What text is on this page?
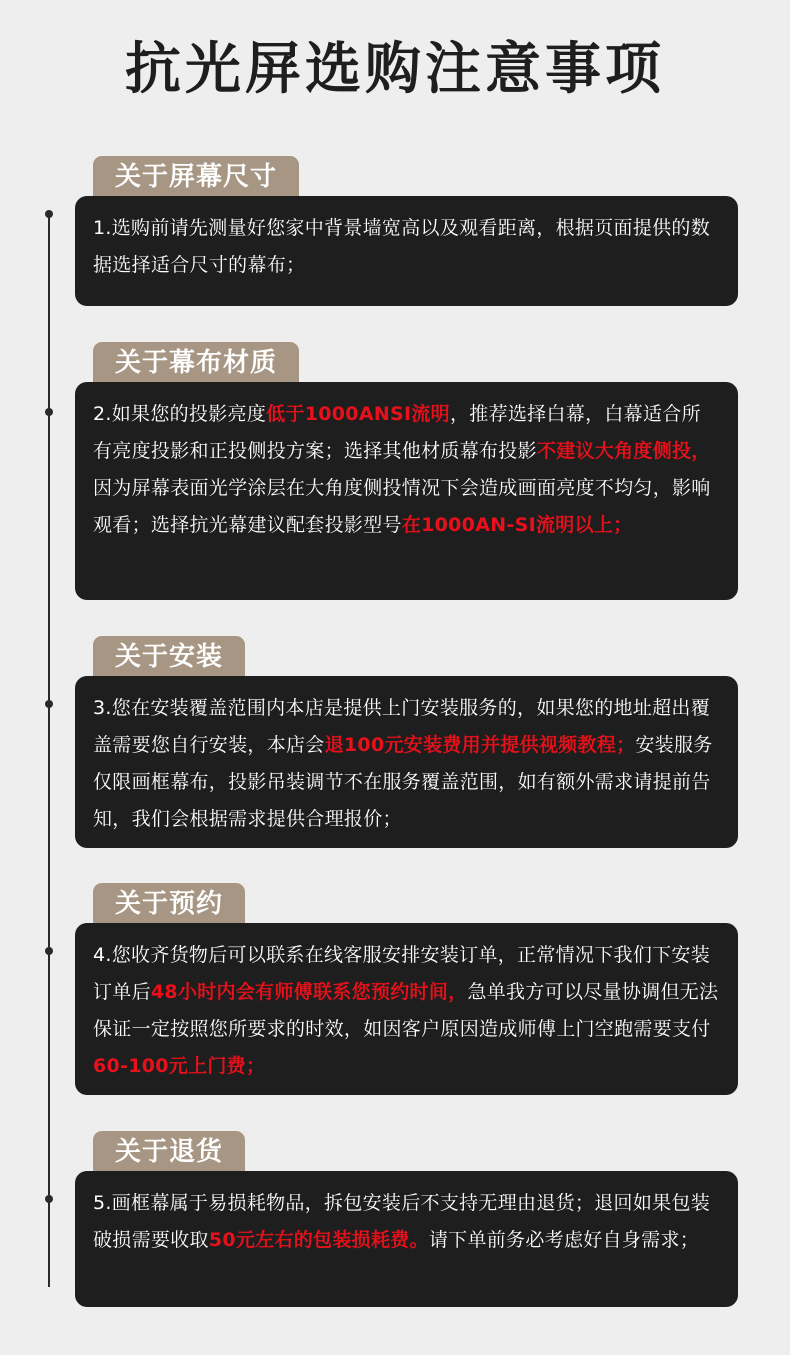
抗光屏选购注意事项
关于屏幕尺寸

1.选购前请先测量好您家中背景墙宽高以及观看距离，根据页面提供的数据选择适合尺寸的幕布；

关于幕布材质

2.如果您的投影亮度低于1000ANSI流明，推荐选择白幕，白幕适合所有亮度投影和正投侧投方案；选择其他材质幕布投影不建议大角度侧投，因为屏幕表面光学涂层在大角度侧投情况下会造成画面亮度不均匀，影响观看；选择抗光幕建议配套投影型号在1000AN-SI流明以上；

关于安装

3.您在安装覆盖范围内本店是提供上门安装服务的，如果您的地址超出覆盖需要您自行安装，本店会退100元安装费用并提供视频教程；安装服务仅限画框幕布，投影吊装调节不在服务覆盖范围，如有额外需求请提前告知，我们会根据需求提供合理报价；

关于预约

4.您收齐货物后可以联系在线客服安排安装订单，正常情况下我们下安装订单后48小时内会有师傅联系您预约时间，急单我方可以尽量协调但无法保证一定按照您所要求的时效，如因客户原因造成师傅上门空跑需要支付60-100元上门费；

关于退货

5.画框幕属于易损耗物品，拆包安装后不支持无理由退货；退回如果包装破损需要收取50元左右的包装损耗费。请下单前务必考虑好自身需求；
